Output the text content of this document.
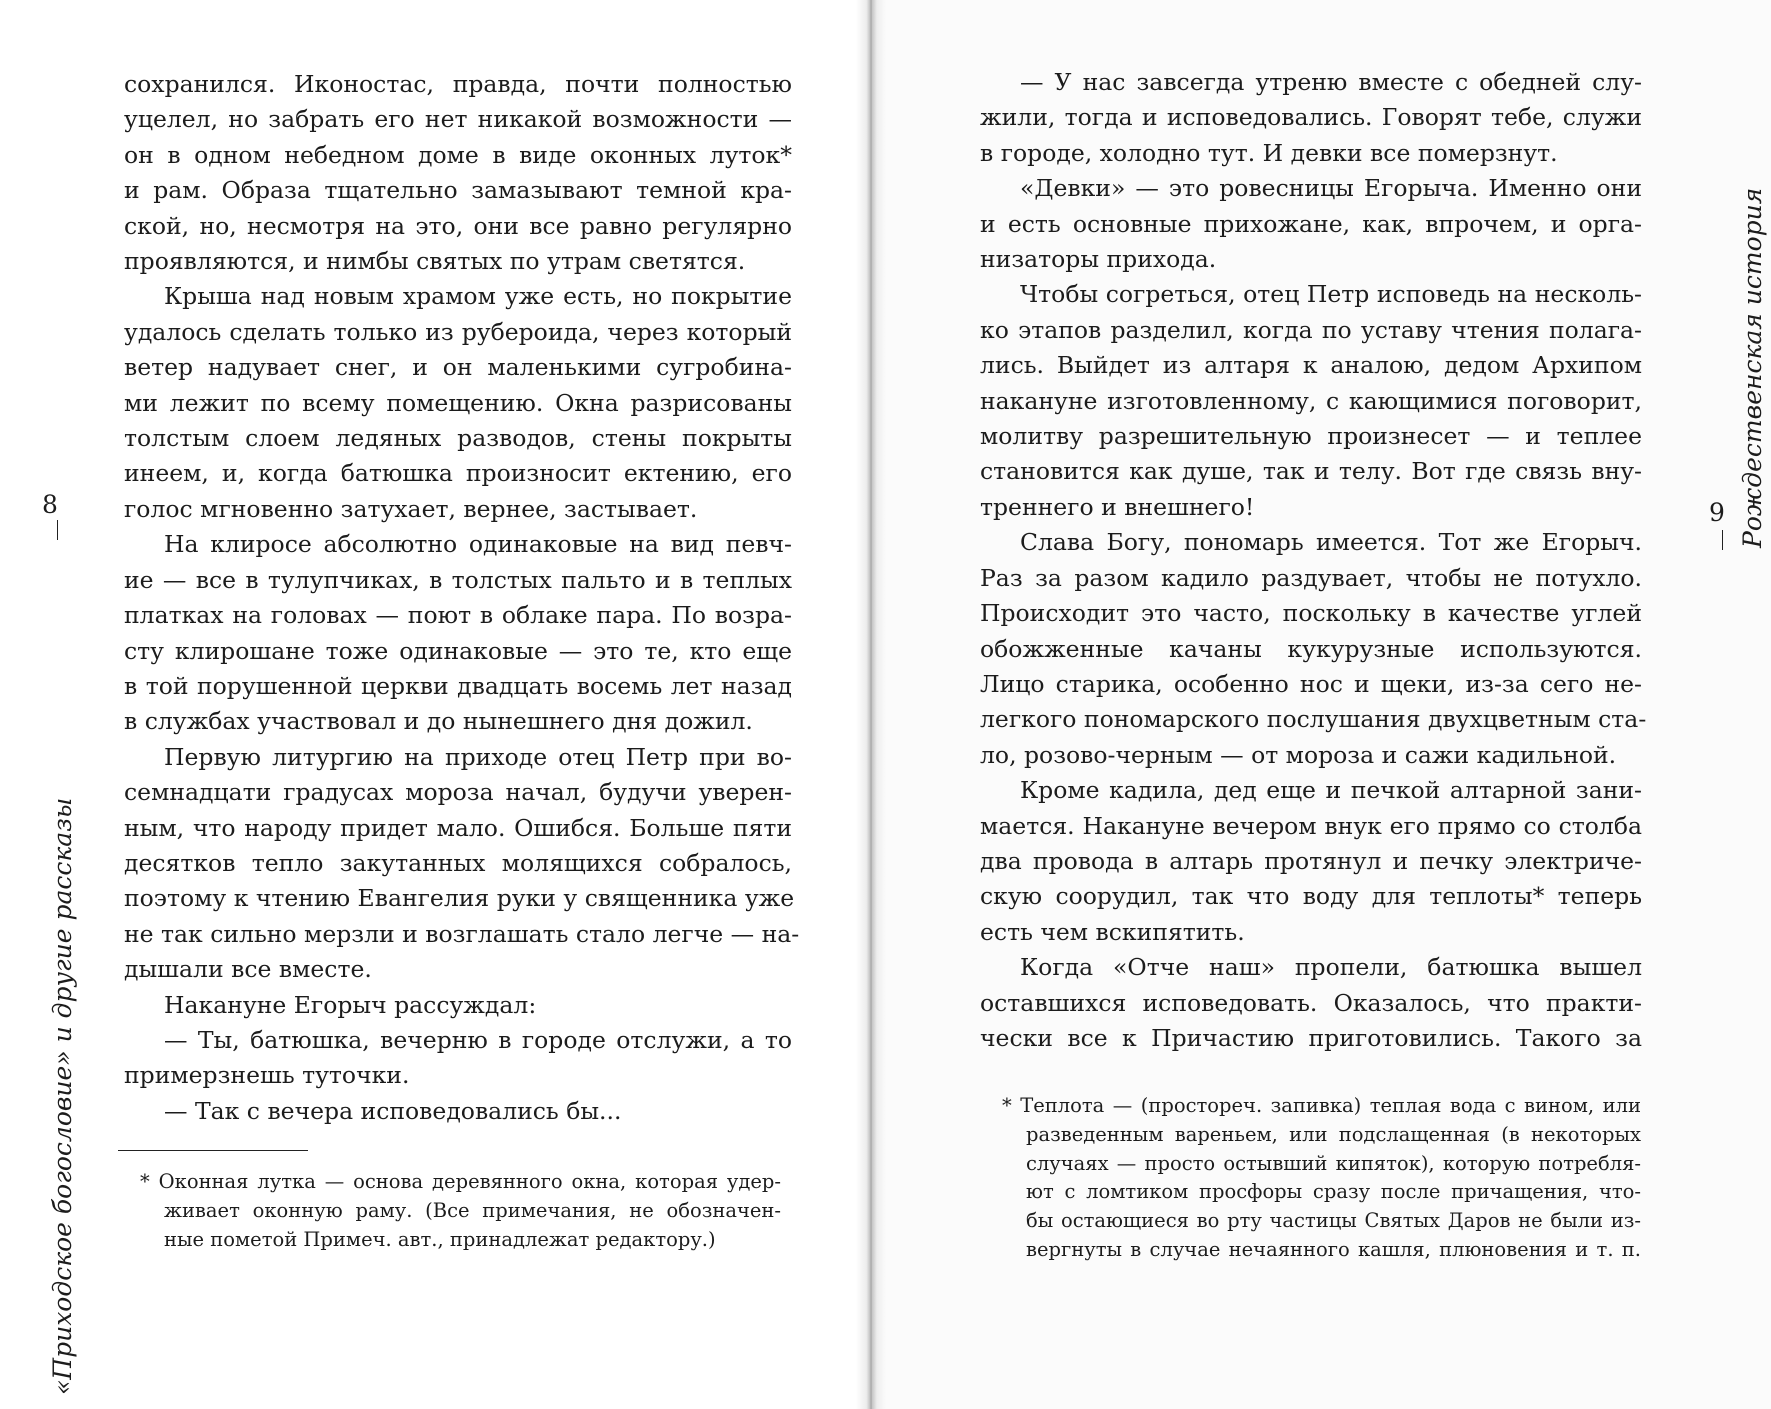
8
«Приходское богословие» и другие рассказы
сохранился. Иконостас, правда, почти полностью
уцелел, но забрать его нет никакой возможности —
он в одном небедном доме в виде оконных луток*
и рам. Образа тщательно замазывают темной кра-
ской, но, несмотря на это, они все равно регулярно
проявляются, и нимбы святых по утрам светятся.
Крыша над новым храмом уже есть, но покрытие
удалось сделать только из рубероида, через который
ветер надувает снег, и он маленькими сугробина-
ми лежит по всему помещению. Окна разрисованы
толстым слоем ледяных разводов, стены покрыты
инеем, и, когда батюшка произносит ектению, его
голос мгновенно затухает, вернее, застывает.
На клиросе абсолютно одинаковые на вид певч-
ие — все в тулупчиках, в толстых пальто и в теплых
платках на головах — поют в облаке пара. По возра-
сту клирошане тоже одинаковые — это те, кто еще
в той порушенной церкви двадцать восемь лет назад
в службах участвовал и до нынешнего дня дожил.
Первую литургию на приходе отец Петр при во-
семнадцати градусах мороза начал, будучи уверен-
ным, что народу придет мало. Ошибся. Больше пяти
десятков тепло закутанных молящихся собралось,
поэтому к чтению Евангелия руки у священника уже
не так сильно мерзли и возглашать стало легче — на-
дышали все вместе.
Накануне Егорыч рассуждал:
— Ты, батюшка, вечерню в городе отслужи, а то
примерзнешь туточки.
— Так с вечера исповедовались бы...
* Оконная лутка — основа деревянного окна, которая удер-
живает оконную раму. (Все примечания, не обозначен-
ные пометой Примеч. авт., принадлежат редактору.)
9 Рождественская история
— У нас завсегда утреню вместе с обедней слу-
жили, тогда и исповедовались. Говорят тебе, служи
в городе, холодно тут. И девки все померзнут.
«Девки» — это ровесницы Егорыча. Именно они
и есть основные прихожане, как, впрочем, и орга-
низаторы прихода.
Чтобы согреться, отец Петр исповедь на несколь-
ко этапов разделил, когда по уставу чтения полага-
лись. Выйдет из алтаря к аналою, дедом Архипом
накануне изготовленному, с кающимися поговорит,
молитву разрешительную произнесет — и теплее
становится как душе, так и телу. Вот где связь вну-
треннего и внешнего!
Слава Богу, пономарь имеется. Тот же Егорыч.
Раз за разом кадило раздувает, чтобы не потухло.
Происходит это часто, поскольку в качестве углей
обожженные качаны кукурузные используются.
Лицо старика, особенно нос и щеки, из-за сего не-
легкого пономарского послушания двухцветным ста-
ло, розово-черным — от мороза и сажи кадильной.
Кроме кадила, дед еще и печкой алтарной зани-
мается. Накануне вечером внук его прямо со столба
два провода в алтарь протянул и печку электриче-
скую соорудил, так что воду для теплоты* теперь
есть чем вскипятить.
Когда «Отче наш» пропели, батюшка вышел
оставшихся исповедовать. Оказалось, что практи-
чески все к Причастию приготовились. Такого за
* Теплота — (простореч. запивка) теплая вода с вином, или
разведенным вареньем, или подслащенная (в некоторых
случаях — просто остывший кипяток), которую потребля-
ют с ломтиком просфоры сразу после причащения, что-
бы остающиеся во рту частицы Святых Даров не были из-
вергнуты в случае нечаянного кашля, плюновения и т. п.
